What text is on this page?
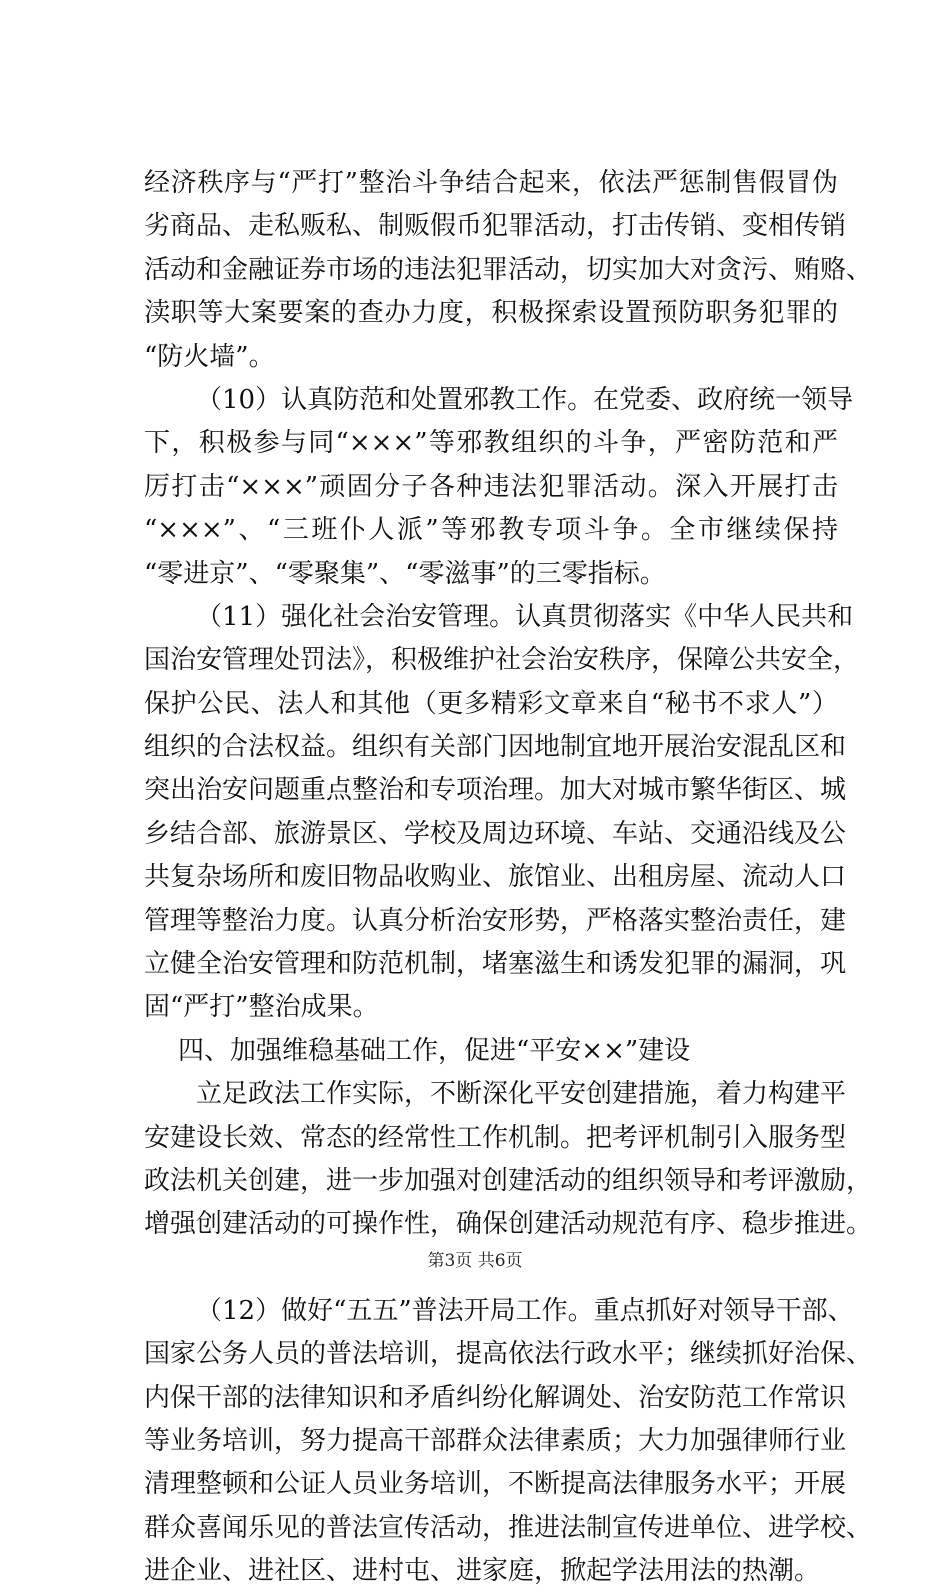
经济秩序与“严打”整治斗争结合起来，依法严惩制售假冒伪
劣商品、走私贩私、制贩假币犯罪活动，打击传销、变相传销
活动和金融证券市场的违法犯罪活动，切实加大对贪污、贿赂、
渎职等大案要案的查办力度，积极探索设置预防职务犯罪的
“防火墙”。
（10）认真防范和处置邪教工作。在党委、政府统一领导
下，积极参与同“×××”等邪教组织的斗争，严密防范和严
厉打击“×××”顽固分子各种违法犯罪活动。深入开展打击
“×××”、“三班仆人派”等邪教专项斗争。全市继续保持
“零进京”、“零聚集”、“零滋事”的三零指标。
（11）强化社会治安管理。认真贯彻落实《中华人民共和
国治安管理处罚法》，积极维护社会治安秩序，保障公共安全，
保护公民、法人和其他（更多精彩文章来自“秘书不求人”）
组织的合法权益。组织有关部门因地制宜地开展治安混乱区和
突出治安问题重点整治和专项治理。加大对城市繁华街区、城
乡结合部、旅游景区、学校及周边环境、车站、交通沿线及公
共复杂场所和废旧物品收购业、旅馆业、出租房屋、流动人口
管理等整治力度。认真分析治安形势，严格落实整治责任，建
立健全治安管理和防范机制，堵塞滋生和诱发犯罪的漏洞，巩
固“严打”整治成果。
四、加强维稳基础工作，促进“平安××”建设
立足政法工作实际，不断深化平安创建措施，着力构建平
安建设长效、常态的经常性工作机制。把考评机制引入服务型
政法机关创建，进一步加强对创建活动的组织领导和考评激励，
增强创建活动的可操作性，确保创建活动规范有序、稳步推进。
（12）做好“五五”普法开局工作。重点抓好对领导干部、
国家公务人员的普法培训，提高依法行政水平；继续抓好治保、
内保干部的法律知识和矛盾纠纷化解调处、治安防范工作常识
等业务培训，努力提高干部群众法律素质；大力加强律师行业
清理整顿和公证人员业务培训，不断提高法律服务水平；开展
群众喜闻乐见的普法宣传活动，推进法制宣传进单位、进学校、
进企业、进社区、进村屯、进家庭，掀起学法用法的热潮。
第3页 共6页
